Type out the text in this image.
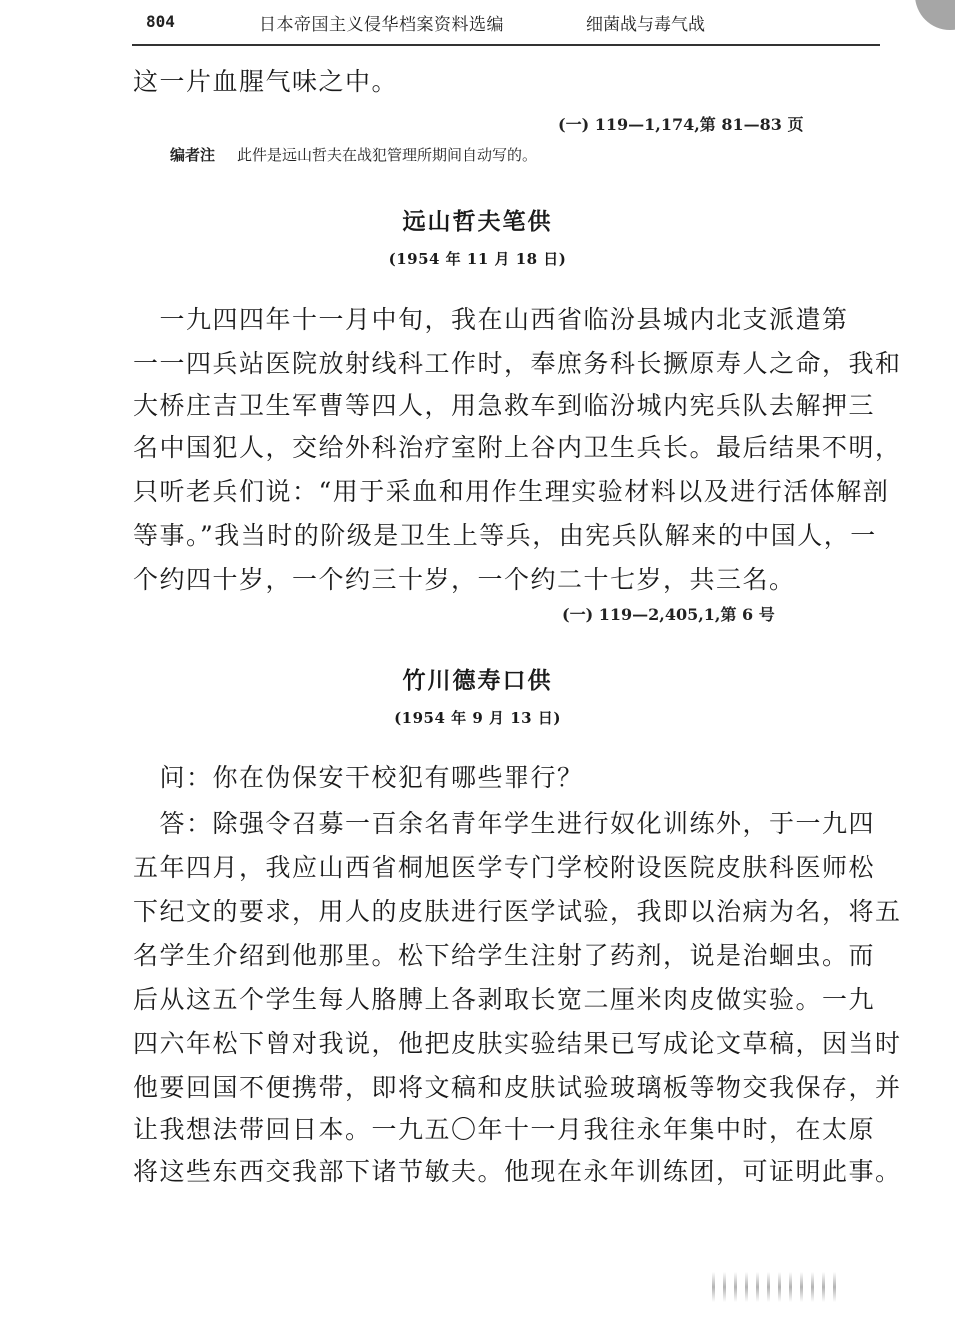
804	日本帝国主义侵华档案资料选编	细菌战与毒气战
这一片血腥气味之中。
(一) 119—1,174,第 81—83 页
编者注 此件是远山哲夫在战犯管理所期间自动写的。
远山哲夫笔供
(1954 年 11 月 18 日)
　一九四四年十一月中旬，我在山西省临汾县城内北支派遣第
一一四兵站医院放射线科工作时，奉庶务科长撅原寿人之命，我和
大桥庄吉卫生军曹等四人，用急救车到临汾城内宪兵队去解押三
名中国犯人，交给外科治疗室附上谷内卫生兵长。最后结果不明，
只听老兵们说：“用于采血和用作生理实验材料以及进行活体解剖
等事。”我当时的阶级是卫生上等兵，由宪兵队解来的中国人，一
个约四十岁，一个约三十岁，一个约二十七岁，共三名。
(一) 119—2,405,1,第 6 号
竹川德寿口供
(1954 年 9 月 13 日)
　问：你在伪保安干校犯有哪些罪行？
　答：除强令召募一百余名青年学生进行奴化训练外，于一九四
五年四月，我应山西省桐旭医学专门学校附设医院皮肤科医师松
下纪文的要求，用人的皮肤进行医学试验，我即以治病为名，将五
名学生介绍到他那里。松下给学生注射了药剂，说是治蛔虫。而
后从这五个学生每人胳膊上各剥取长宽二厘米肉皮做实验。一九
四六年松下曾对我说，他把皮肤实验结果已写成论文草稿，因当时
他要回国不便携带，即将文稿和皮肤试验玻璃板等物交我保存，并
让我想法带回日本。一九五〇年十一月我往永年集中时，在太原
将这些东西交我部下诸节敏夫。他现在永年训练团，可证明此事。
